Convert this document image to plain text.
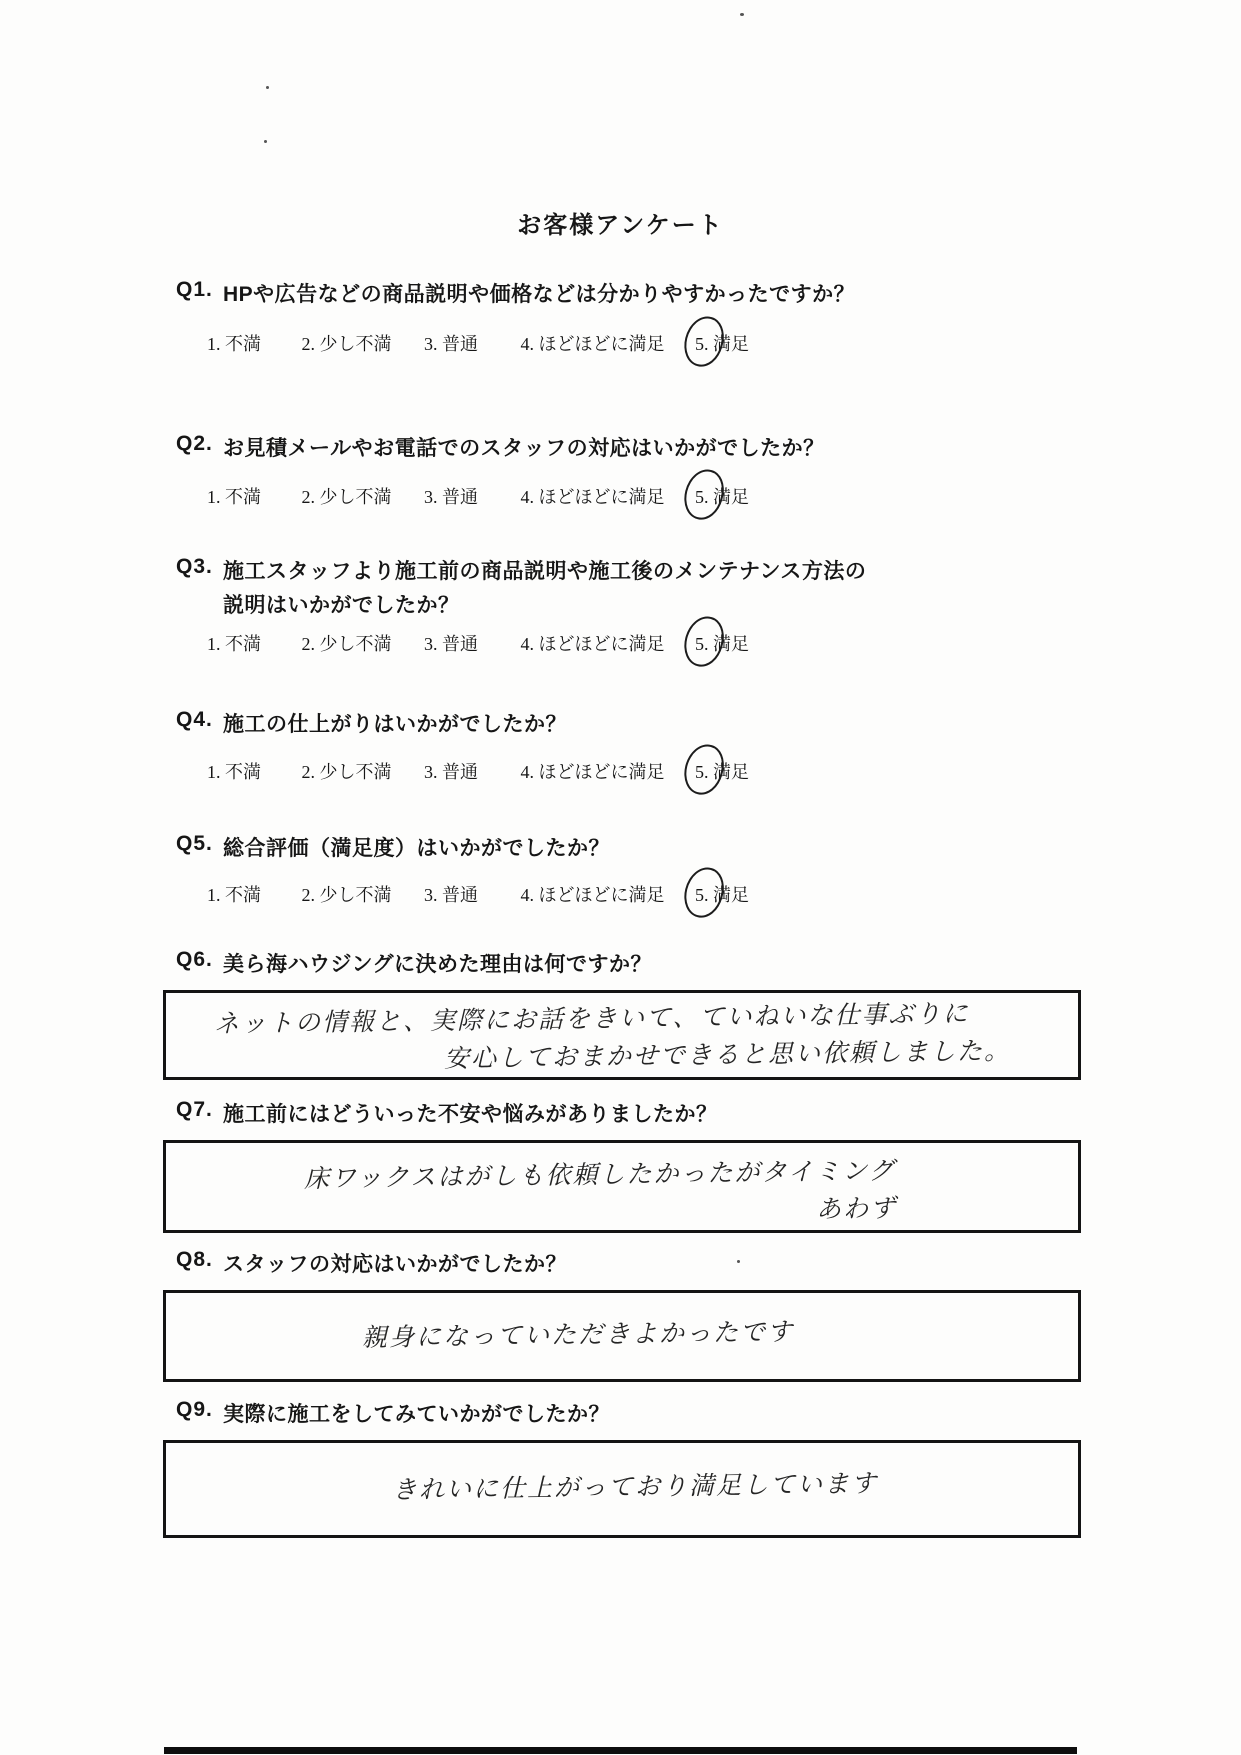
お客様アンケート
Q1. HPや広告などの商品説明や価格などは分かりやすかったですか？
1. 不満 2. 少し不満 3. 普通 4. ほどほどに満足 5. 満足
Q2. お見積メールやお電話でのスタッフの対応はいかがでしたか？
1. 不満 2. 少し不満 3. 普通 4. ほどほどに満足 5. 満足
Q3. 施工スタッフより施工前の商品説明や施工後のメンテナンス方法の説明はいかがでしたか？
1. 不満 2. 少し不満 3. 普通 4. ほどほどに満足 5. 満足
Q4. 施工の仕上がりはいかがでしたか？
1. 不満 2. 少し不満 3. 普通 4. ほどほどに満足 5. 満足
Q5. 総合評価（満足度）はいかがでしたか？
1. 不満 2. 少し不満 3. 普通 4. ほどほどに満足 5. 満足
Q6. 美ら海ハウジングに決めた理由は何ですか？
ネットの情報と、実際にお話をきいて、ていねいな仕事ぶりに
安心しておまかせできると思い依頼しました。
Q7. 施工前にはどういった不安や悩みがありましたか？
床ワックスはがしも依頼したかったがタイミング
あわず
Q8. スタッフの対応はいかがでしたか？
親身になっていただきよかったです
Q9. 実際に施工をしてみていかがでしたか？
きれいに仕上がっており満足しています
